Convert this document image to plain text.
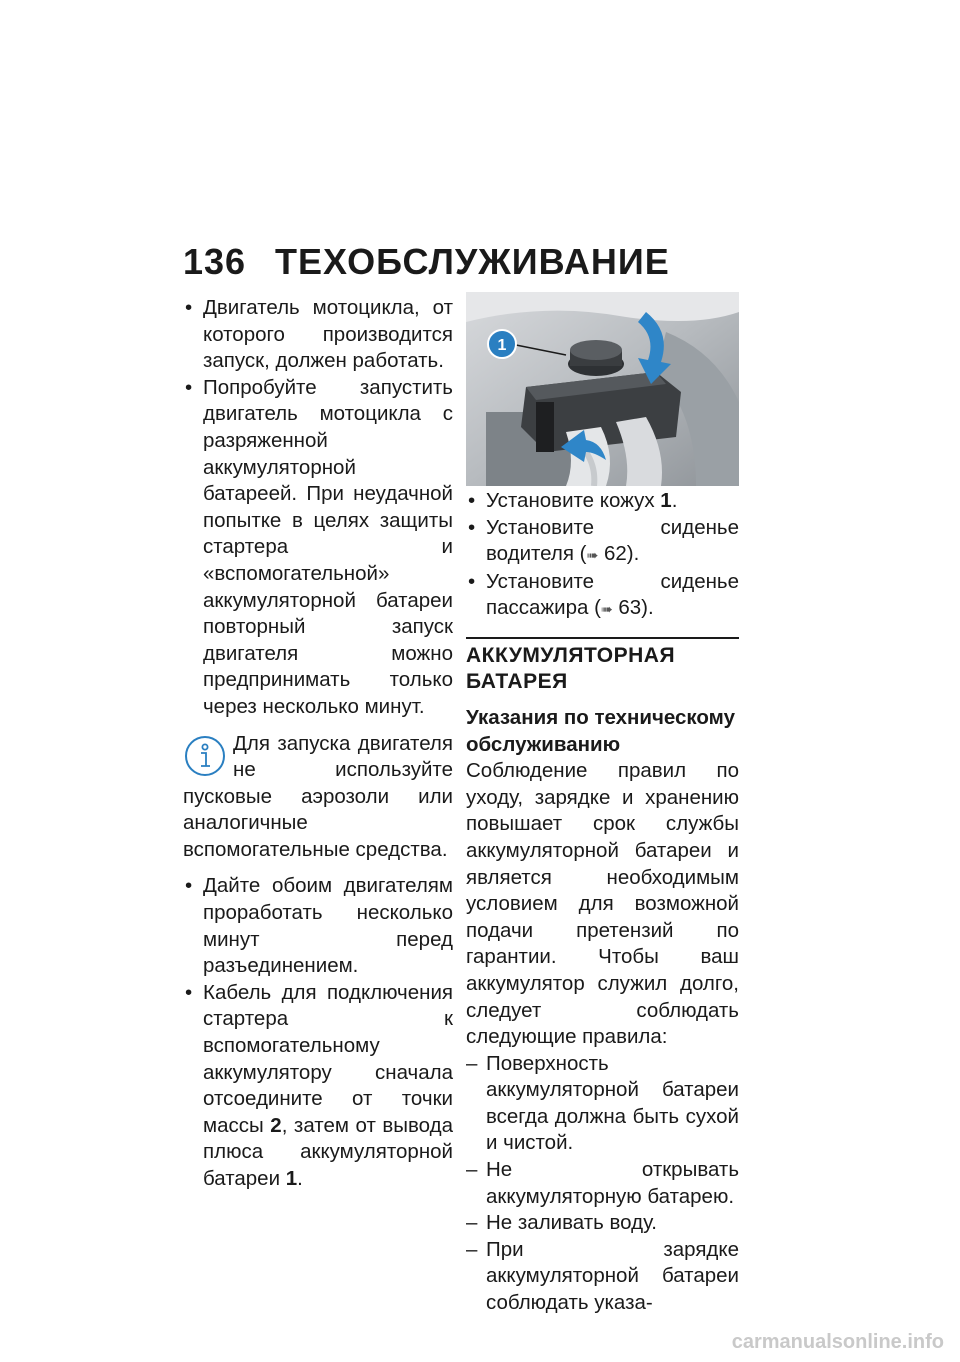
136 ТЕХОБСЛУЖИВАНИЕ
• Двигатель мотоцикла, от которого производится запуск, должен работать.
• Попробуйте запустить двигатель мотоцикла с разряженной аккумуляторной батареей. При неудачной попытке в целях защиты стартера и «вспомогательной» аккумуляторной батареи повторный запуск двигателя можно предпринимать только через несколько минут.
Для запуска двигателя не используйте пусковые аэрозоли или аналогичные вспомогательные средства.
• Дайте обоим двигателям проработать несколько минут перед разъединением.
• Кабель для подключения стартера к вспомогательному аккумулятору сначала отсоедините от точки массы 2, затем от вывода плюса аккумуляторной батареи 1.
1
• Установите кожух 1.
• Установите сиденье водителя (➠ 62).
• Установите сиденье пассажира (➠ 63).
АККУМУЛЯТОРНАЯ БАТАРЕЯ
Указания по техническому обслуживанию
Соблюдение правил по уходу, зарядке и хранению повышает срок службы аккумуляторной батареи и является необходимым условием для возможной подачи претензий по гарантии. Чтобы ваш аккумулятор служил долго, следует соблюдать следующие правила:
– Поверхность аккумуляторной батареи всегда должна быть сухой и чистой.
– Не открывать аккумуляторную батарею.
– Не заливать воду.
– При зарядке аккумуляторной батареи соблюдать указа-
carmanualsonline.info
